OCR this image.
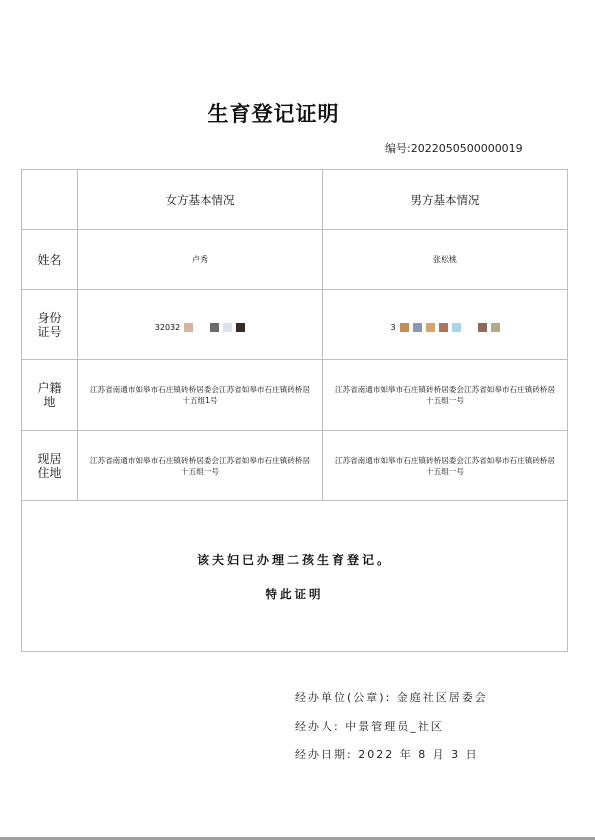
生育登记证明
编号:2022050500000019
	女方基本情况	男方基本情况
姓名	卢秀	张松桃

身份证号	32032	3

户籍地	江苏省南通市如皋市石庄镇砖桥居委会江苏省如皋市石庄镇砖桥居十五组1号	江苏省南通市如皋市石庄镇砖桥居委会江苏省如皋市石庄镇砖桥居十五组一号

现居住地	江苏省南通市如皋市石庄镇砖桥居委会江苏省如皋市石庄镇砖桥居十五组一号	江苏省南通市如皋市石庄镇砖桥居委会江苏省如皋市石庄镇砖桥居十五组一号

该夫妇已办理二孩生育登记。
特此证明		
经办单位(公章): 金庭社区居委会
经办人: 中景管理员_社区
经办日期: 2022 年 8 月 3 日
